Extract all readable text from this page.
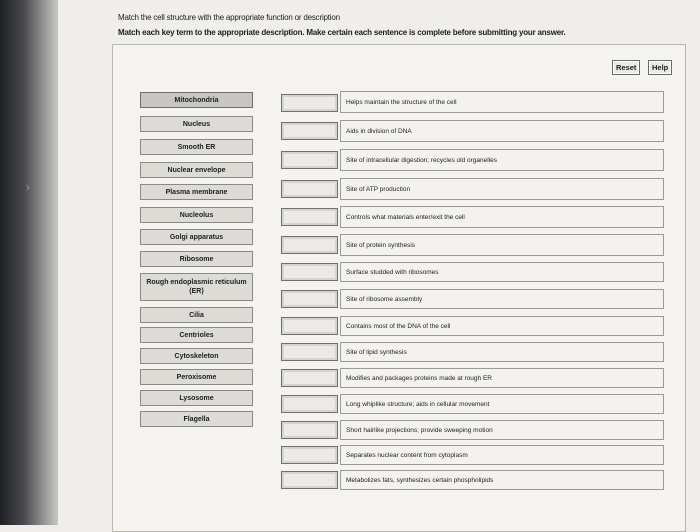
›
Match the cell structure with the appropriate function or description
Match each key term to the appropriate description. Make certain each sentence is complete before submitting your answer.
Reset	Help
Mitochondria
Nucleus
Smooth ER
Nuclear envelope
Plasma membrane
Nucleolus
Golgi apparatus
Ribosome
Rough endoplasmic reticulum (ER)
Cilia
Centrioles
Cytoskeleton
Peroxisome
Lysosome
Flagella
Helps maintain the structure of the cell
Aids in division of DNA
Site of intracellular digestion; recycles old organelles
Site of ATP production
Controls what materials enter/exit the cell
Site of protein synthesis
Surface studded with ribosomes
Site of ribosome assembly
Contains most of the DNA of the cell
Site of lipid synthesis
Modifies and packages proteins made at rough ER
Long whiplike structure; aids in cellular movement
Short hairlike projections; provide sweeping motion
Separates nuclear content from cytoplasm
Metabolizes fats, synthesizes certain phospholipids
